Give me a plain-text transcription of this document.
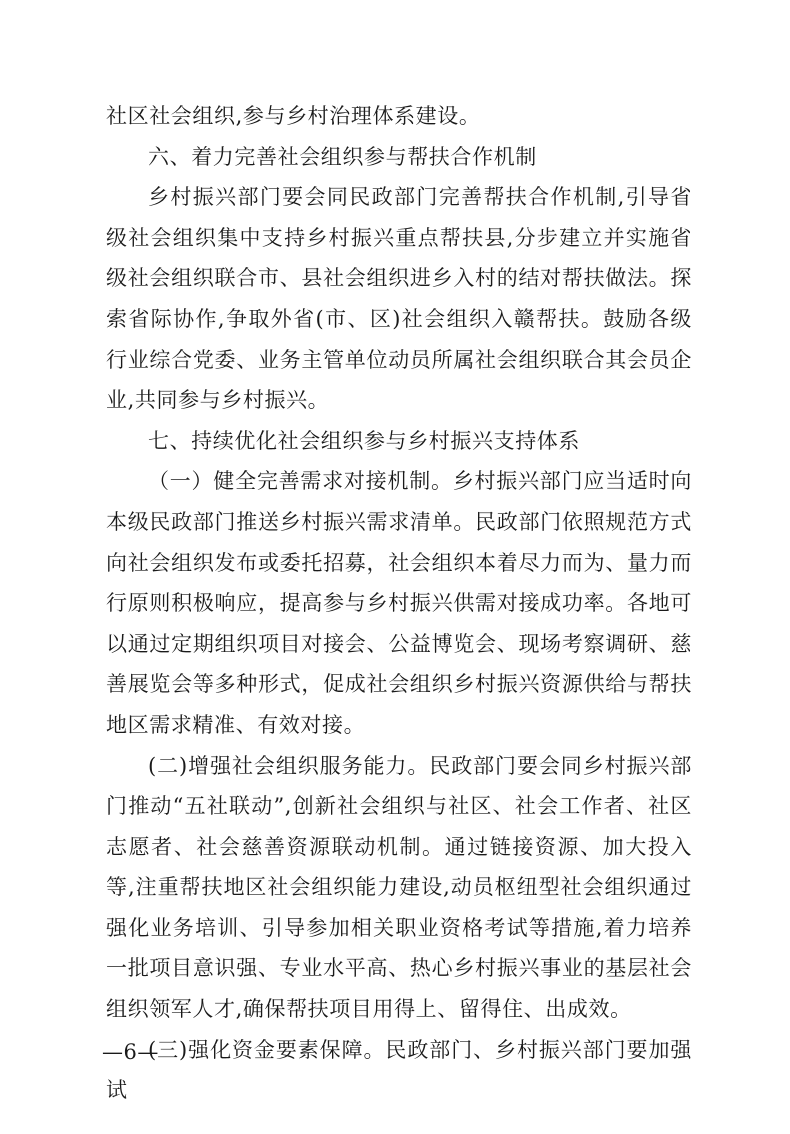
社区社会组织,参与乡村治理体系建设。

六、着力完善社会组织参与帮扶合作机制

乡村振兴部门要会同民政部门完善帮扶合作机制,引导省级社会组织集中支持乡村振兴重点帮扶县,分步建立并实施省级社会组织联合市、县社会组织进乡入村的结对帮扶做法。探索省际协作,争取外省(市、区)社会组织入赣帮扶。鼓励各级行业综合党委、业务主管单位动员所属社会组织联合其会员企业,共同参与乡村振兴。

七、持续优化社会组织参与乡村振兴支持体系

（一）健全完善需求对接机制。乡村振兴部门应当适时向本级民政部门推送乡村振兴需求清单。民政部门依照规范方式向社会组织发布或委托招募，社会组织本着尽力而为、量力而行原则积极响应，提高参与乡村振兴供需对接成功率。各地可以通过定期组织项目对接会、公益博览会、现场考察调研、慈善展览会等多种形式，促成社会组织乡村振兴资源供给与帮扶地区需求精准、有效对接。

(二)增强社会组织服务能力。民政部门要会同乡村振兴部门推动“五社联动”,创新社会组织与社区、社会工作者、社区志愿者、社会慈善资源联动机制。通过链接资源、加大投入等,注重帮扶地区社会组织能力建设,动员枢纽型社会组织通过强化业务培训、引导参加相关职业资格考试等措施,着力培养一批项目意识强、专业水平高、热心乡村振兴事业的基层社会组织领军人才,确保帮扶项目用得上、留得住、出成效。

(三)强化资金要素保障。民政部门、乡村振兴部门要加强试

—6—
